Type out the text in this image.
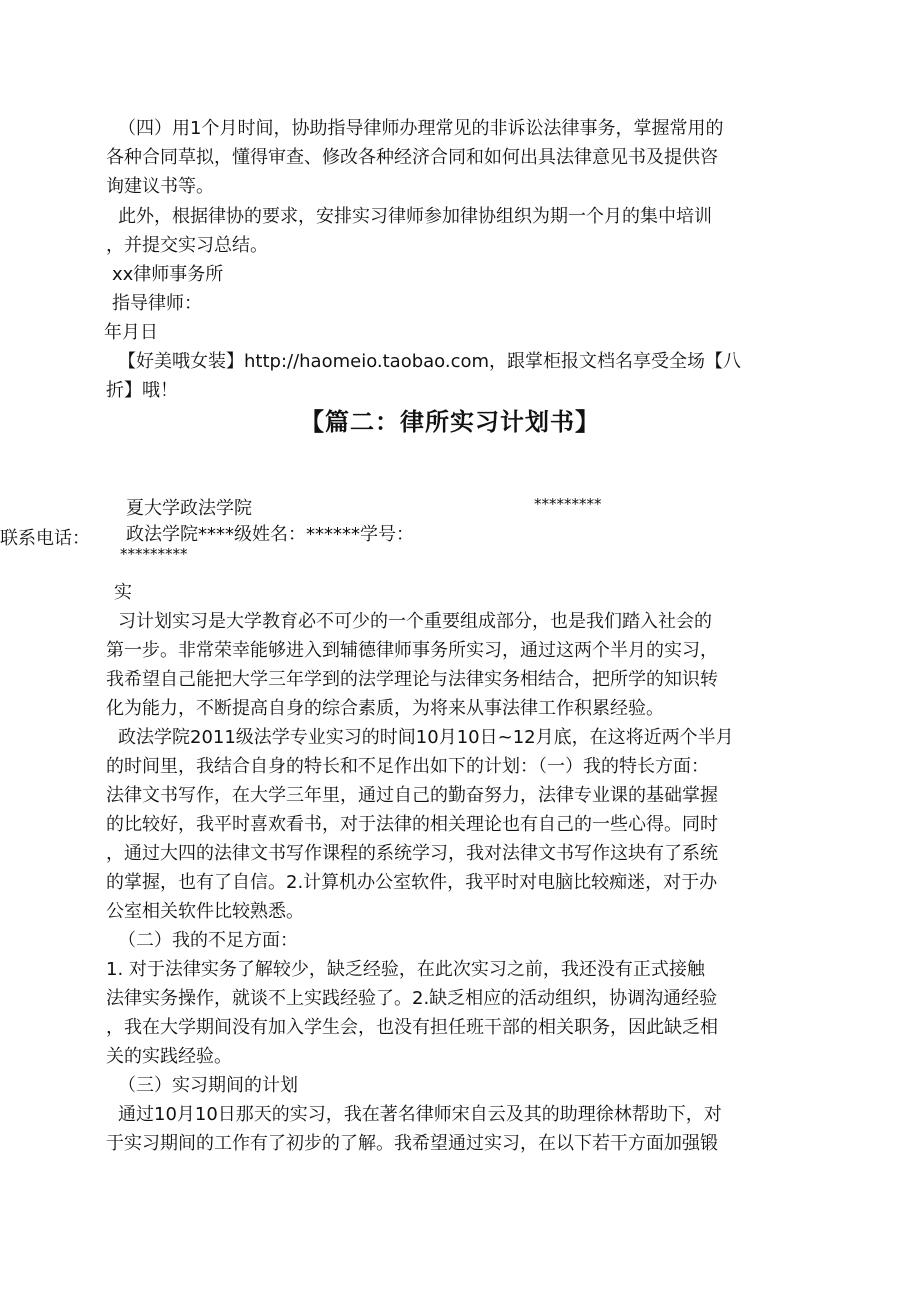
（四）用1个月时间，协助指导律师办理常见的非诉讼法律事务，掌握常用的
各种合同草拟，懂得审查、修改各种经济合同和如何出具法律意见书及提供咨
询建议书等。
此外，根据律协的要求，安排实习律师参加律协组织为期一个月的集中培训
，并提交实习总结。
xx律师事务所
指导律师：
年月日
【好美哦女装】http://haomeio.taobao.com，跟掌柜报文档名享受全场【八
折】哦！
【篇二：律所实习计划书】
夏大学政法学院	*********
联系电话： 政法学院****级姓名：******学号：
*********
实
习计划实习是大学教育必不可少的一个重要组成部分，也是我们踏入社会的
第一步。非常荣幸能够进入到辅德律师事务所实习，通过这两个半月的实习，
我希望自己能把大学三年学到的法学理论与法律实务相结合，把所学的知识转
化为能力，不断提高自身的综合素质，为将来从事法律工作积累经验。
政法学院2011级法学专业实习的时间10月10日~12月底，在这将近两个半月
的时间里，我结合自身的特长和不足作出如下的计划：（一）我的特长方面：
法律文书写作，在大学三年里，通过自己的勤奋努力，法律专业课的基础掌握
的比较好，我平时喜欢看书，对于法律的相关理论也有自己的一些心得。同时
，通过大四的法律文书写作课程的系统学习，我对法律文书写作这块有了系统
的掌握，也有了自信。2.计算机办公室软件，我平时对电脑比较痴迷，对于办
公室相关软件比较熟悉。
（二）我的不足方面：
1. 对于法律实务了解较少，缺乏经验，在此次实习之前，我还没有正式接触
法律实务操作，就谈不上实践经验了。2.缺乏相应的活动组织，协调沟通经验
，我在大学期间没有加入学生会，也没有担任班干部的相关职务，因此缺乏相
关的实践经验。
（三）实习期间的计划
通过10月10日那天的实习，我在著名律师宋自云及其的助理徐林帮助下，对
于实习期间的工作有了初步的了解。我希望通过实习，在以下若干方面加强锻
